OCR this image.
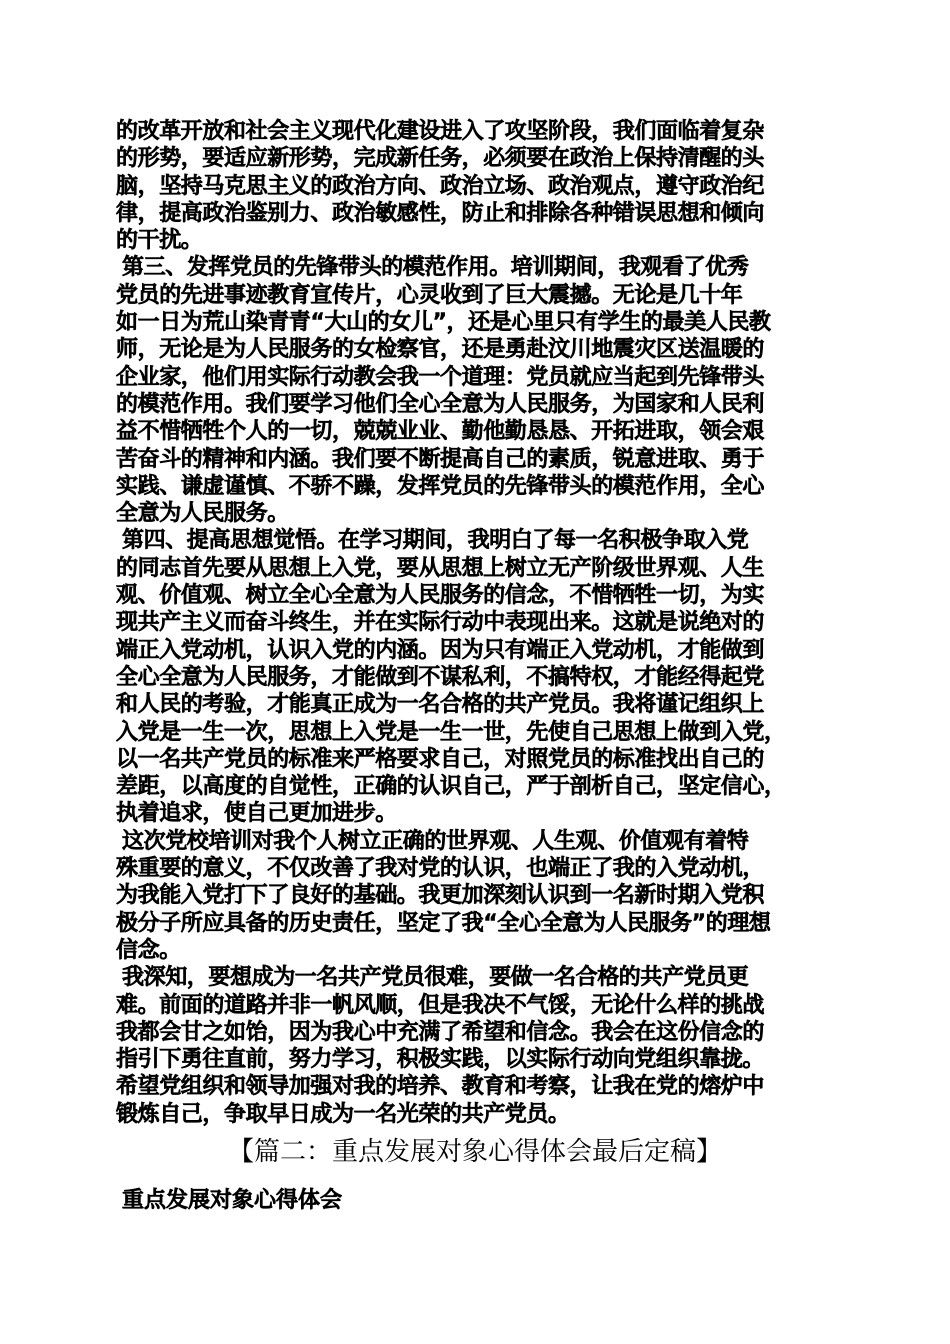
的改革开放和社会主义现代化建设进入了攻坚阶段，我们面临着复杂
的形势，要适应新形势，完成新任务，必须要在政治上保持清醒的头
脑，坚持马克思主义的政治方向、政治立场、政治观点，遵守政治纪
律，提高政治鉴别力、政治敏感性，防止和排除各种错误思想和倾向
的干扰。
第三、发挥党员的先锋带头的模范作用。培训期间，我观看了优秀
党员的先进事迹教育宣传片，心灵收到了巨大震撼。无论是几十年
如一日为荒山染青青“大山的女儿”，还是心里只有学生的最美人民教
师，无论是为人民服务的女检察官，还是勇赴汶川地震灾区送温暖的
企业家，他们用实际行动教会我一个道理：党员就应当起到先锋带头
的模范作用。我们要学习他们全心全意为人民服务，为国家和人民利
益不惜牺牲个人的一切，兢兢业业、勤他勤恳恳、开拓进取，领会艰
苦奋斗的精神和内涵。我们要不断提高自己的素质，锐意进取、勇于
实践、谦虚谨慎、不骄不躁，发挥党员的先锋带头的模范作用，全心
全意为人民服务。
第四、提高思想觉悟。在学习期间，我明白了每一名积极争取入党
的同志首先要从思想上入党，要从思想上树立无产阶级世界观、人生
观、价值观、树立全心全意为人民服务的信念，不惜牺牲一切，为实
现共产主义而奋斗终生，并在实际行动中表现出来。这就是说绝对的
端正入党动机，认识入党的内涵。因为只有端正入党动机，才能做到
全心全意为人民服务，才能做到不谋私利，不搞特权，才能经得起党
和人民的考验，才能真正成为一名合格的共产党员。我将谨记组织上
入党是一生一次，思想上入党是一生一世，先使自己思想上做到入党，
以一名共产党员的标准来严格要求自己，对照党员的标准找出自己的
差距，以高度的自觉性，正确的认识自己，严于剖析自己，坚定信心，
执着追求，使自己更加进步。
这次党校培训对我个人树立正确的世界观、人生观、价值观有着特
殊重要的意义，不仅改善了我对党的认识，也端正了我的入党动机，
为我能入党打下了良好的基础。我更加深刻认识到一名新时期入党积
极分子所应具备的历史责任，坚定了我“全心全意为人民服务”的理想
信念。
我深知，要想成为一名共产党员很难，要做一名合格的共产党员更
难。前面的道路并非一帆风顺，但是我决不气馁，无论什么样的挑战
我都会甘之如饴，因为我心中充满了希望和信念。我会在这份信念的
指引下勇往直前，努力学习，积极实践，以实际行动向党组织靠拢。
希望党组织和领导加强对我的培养、教育和考察，让我在党的熔炉中
锻炼自己，争取早日成为一名光荣的共产党员。
【篇二：重点发展对象心得体会最后定稿】
重点发展对象心得体会
